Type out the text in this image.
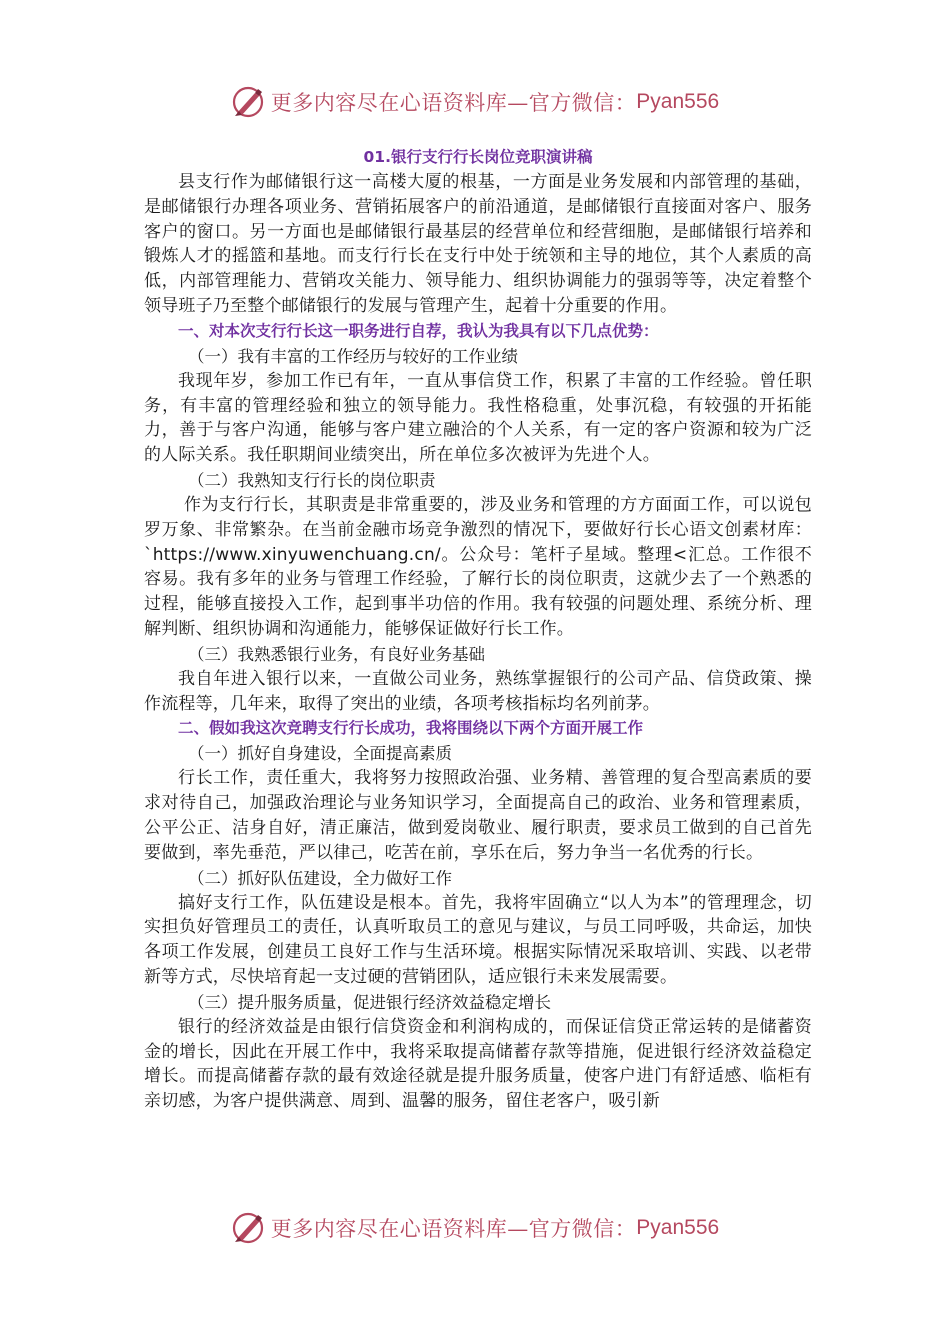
更多内容尽在心语资料库—官方微信： Pyan556

01.银行支行行长岗位竞职演讲稿

县支行作为邮储银行这一高楼大厦的根基，一方面是业务发展和内部管理的基础，是邮储银行办理各项业务、营销拓展客户的前沿通道，是邮储银行直接面对客户、服务客户的窗口。另一方面也是邮储银行最基层的经营单位和经营细胞，是邮储银行培养和锻炼人才的摇篮和基地。而支行行长在支行中处于统领和主导的地位，其个人素质的高低，内部管理能力、营销攻关能力、领导能力、组织协调能力的强弱等等，决定着整个领导班子乃至整个邮储银行的发展与管理产生，起着十分重要的作用。

一、对本次支行行长这一职务进行自荐，我认为我具有以下几点优势：

（一）我有丰富的工作经历与较好的工作业绩

我现年岁，参加工作已有年，一直从事信贷工作，积累了丰富的工作经验。曾任职务，有丰富的管理经验和独立的领导能力。我性格稳重，处事沉稳，有较强的开拓能力，善于与客户沟通，能够与客户建立融洽的个人关系，有一定的客户资源和较为广泛的人际关系。我任职期间业绩突出，所在单位多次被评为先进个人。

（二）我熟知支行行长的岗位职责

作为支行行长，其职责是非常重要的，涉及业务和管理的方方面面工作，可以说包罗万象、非常繁杂。在当前金融市场竞争激烈的情况下，要做好行长心语文创素材库：`https://www.xinyuwenchuang.cn/。公众号：笔杆子星域。整理<汇总。工作很不容易。我有多年的业务与管理工作经验，了解行长的岗位职责，这就少去了一个熟悉的过程，能够直接投入工作，起到事半功倍的作用。我有较强的问题处理、系统分析、理解判断、组织协调和沟通能力，能够保证做好行长工作。

（三）我熟悉银行业务，有良好业务基础

我自年进入银行以来，一直做公司业务，熟练掌握银行的公司产品、信贷政策、操作流程等，几年来，取得了突出的业绩，各项考核指标均名列前茅。

二、假如我这次竞聘支行行长成功，我将围绕以下两个方面开展工作

（一）抓好自身建设，全面提高素质

行长工作，责任重大，我将努力按照政治强、业务精、善管理的复合型高素质的要求对待自己，加强政治理论与业务知识学习，全面提高自己的政治、业务和管理素质，公平公正、洁身自好，清正廉洁，做到爱岗敬业、履行职责，要求员工做到的自己首先要做到，率先垂范，严以律己，吃苦在前，享乐在后，努力争当一名优秀的行长。

（二）抓好队伍建设，全力做好工作

搞好支行工作，队伍建设是根本。首先，我将牢固确立“以人为本”的管理理念，切实担负好管理员工的责任，认真听取员工的意见与建议，与员工同呼吸，共命运，加快各项工作发展，创建员工良好工作与生活环境。根据实际情况采取培训、实践、以老带新等方式，尽快培育起一支过硬的营销团队，适应银行未来发展需要。

（三）提升服务质量，促进银行经济效益稳定增长

银行的经济效益是由银行信贷资金和利润构成的，而保证信贷正常运转的是储蓄资金的增长，因此在开展工作中，我将采取提高储蓄存款等措施，促进银行经济效益稳定增长。而提高储蓄存款的最有效途径就是提升服务质量，使客户进门有舒适感、临柜有亲切感，为客户提供满意、周到、温馨的服务，留住老客户，吸引新

更多内容尽在心语资料库—官方微信： Pyan556
